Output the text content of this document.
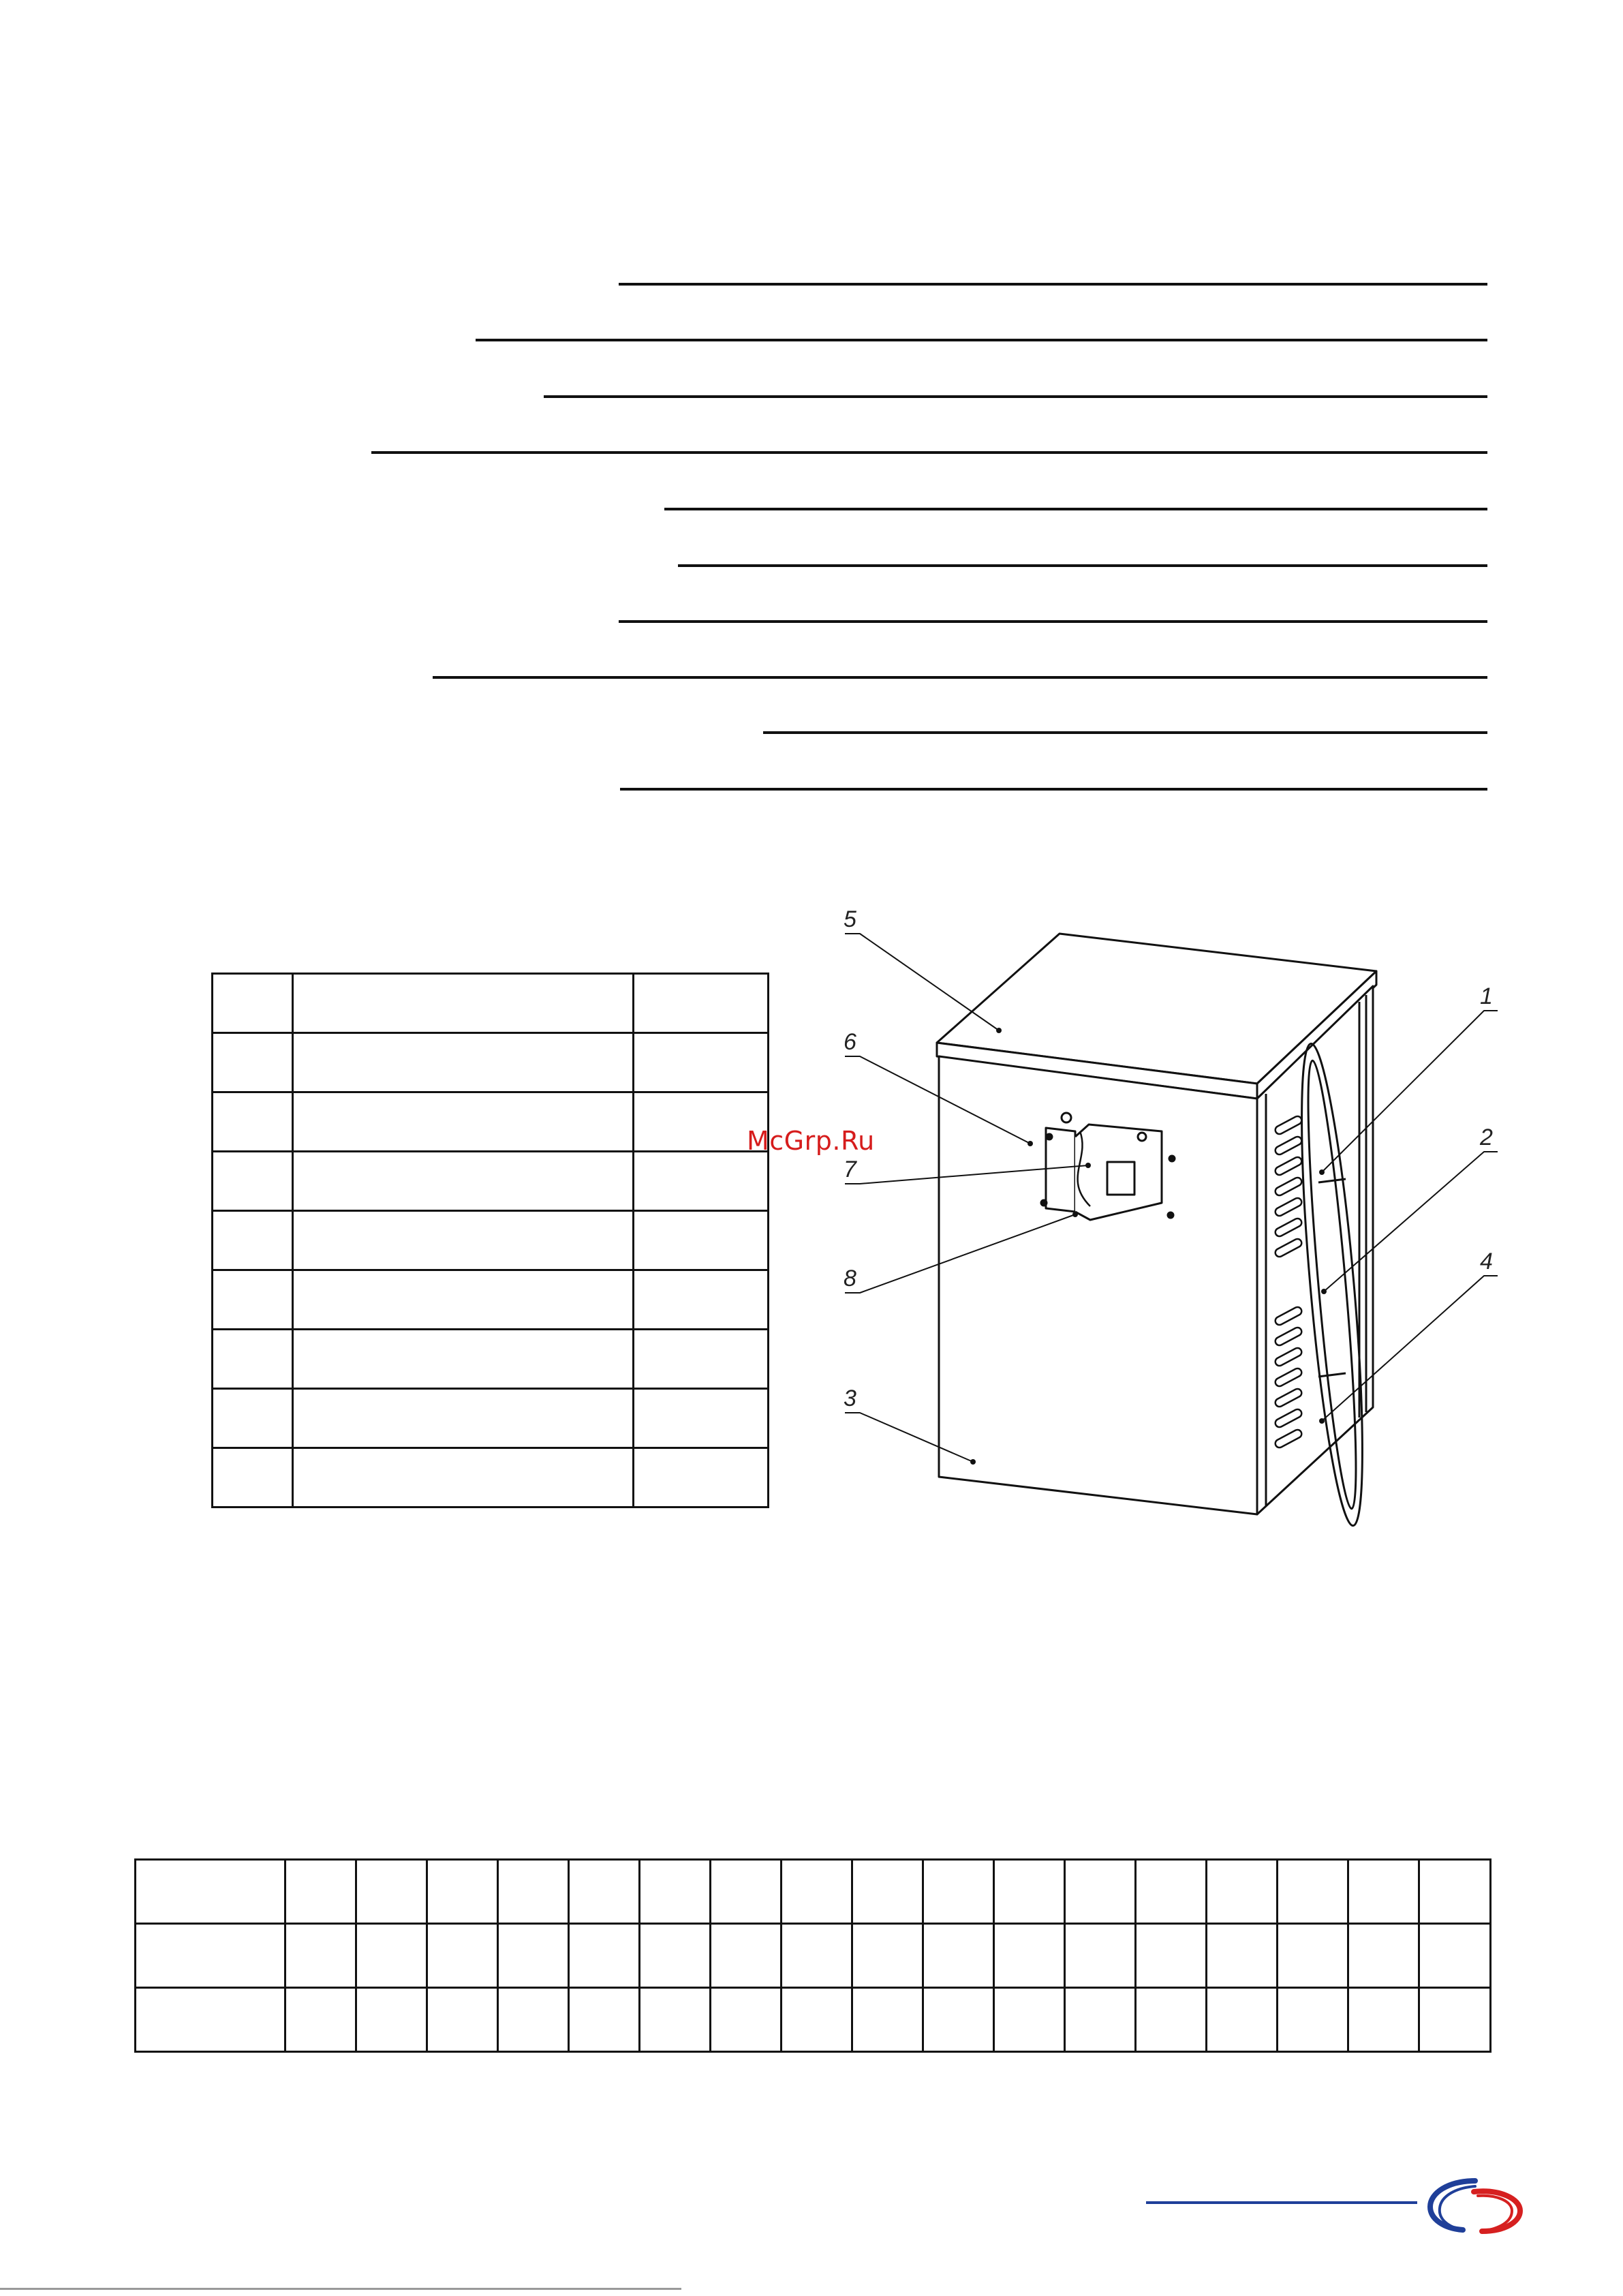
McGrp.Ru
5
6
7
8
3
1
2
4
